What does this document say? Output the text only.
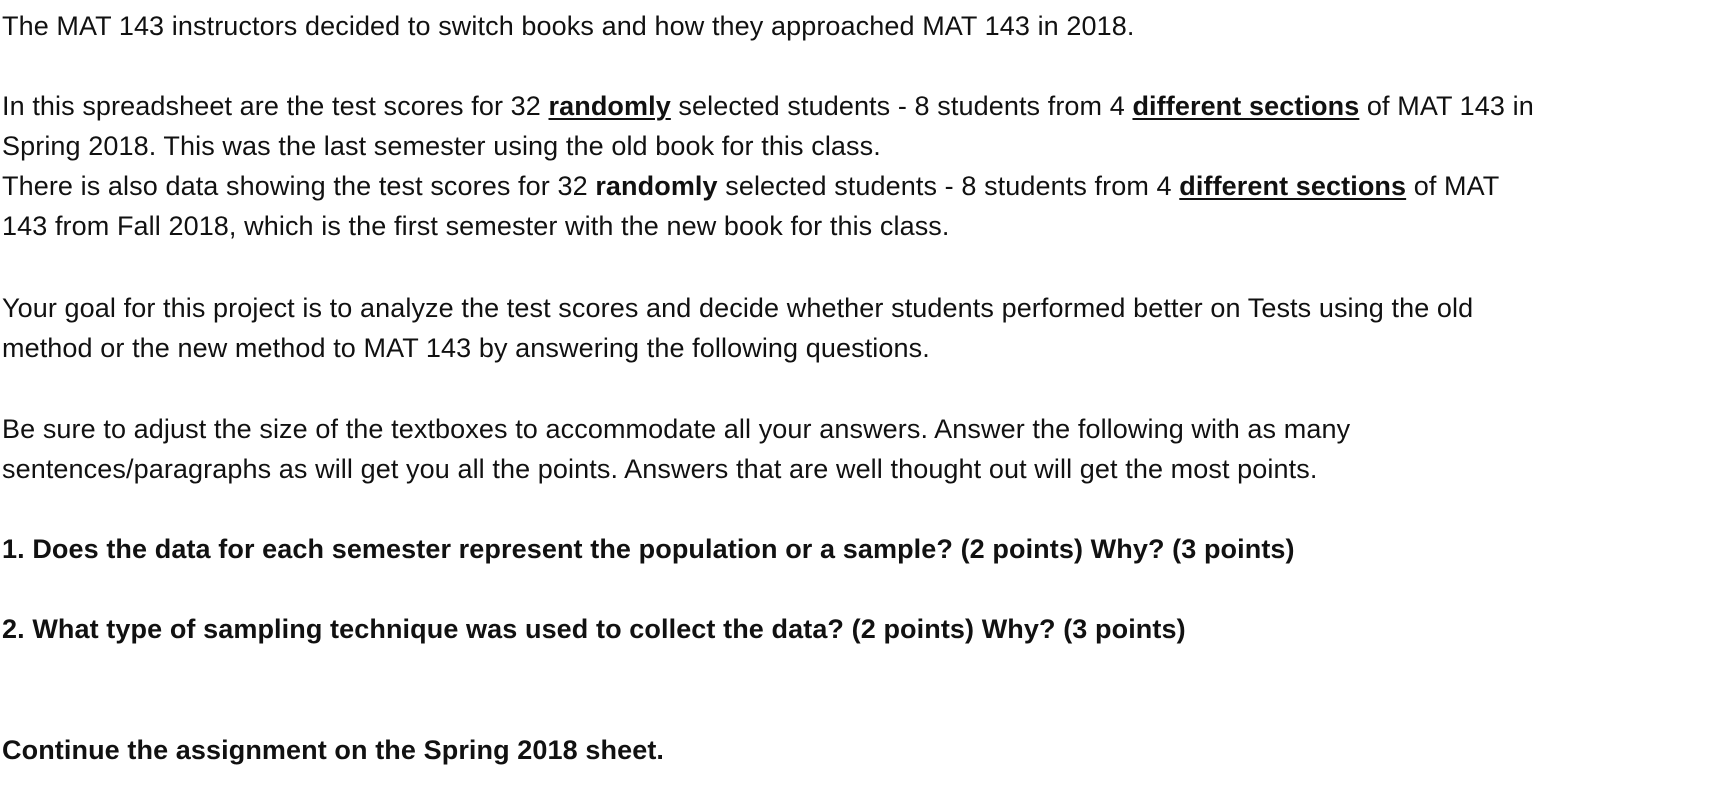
The MAT 143 instructors decided to switch books and how they approached MAT 143 in 2018.
In this spreadsheet are the test scores for 32 randomly selected students - 8 students from 4 different sections of MAT 143 in
Spring 2018. This was the last semester using the old book for this class.
There is also data showing the test scores for 32 randomly selected students - 8 students from 4 different sections of MAT
143 from Fall 2018, which is the first semester with the new book for this class.
Your goal for this project is to analyze the test scores and decide whether students performed better on Tests using the old
method or the new method to MAT 143 by answering the following questions.
Be sure to adjust the size of the textboxes to accommodate all your answers. Answer the following with as many
sentences/paragraphs as will get you all the points. Answers that are well thought out will get the most points.
1. Does the data for each semester represent the population or a sample? (2 points) Why? (3 points)
2. What type of sampling technique was used to collect the data? (2 points) Why? (3 points)
Continue the assignment on the Spring 2018 sheet.
